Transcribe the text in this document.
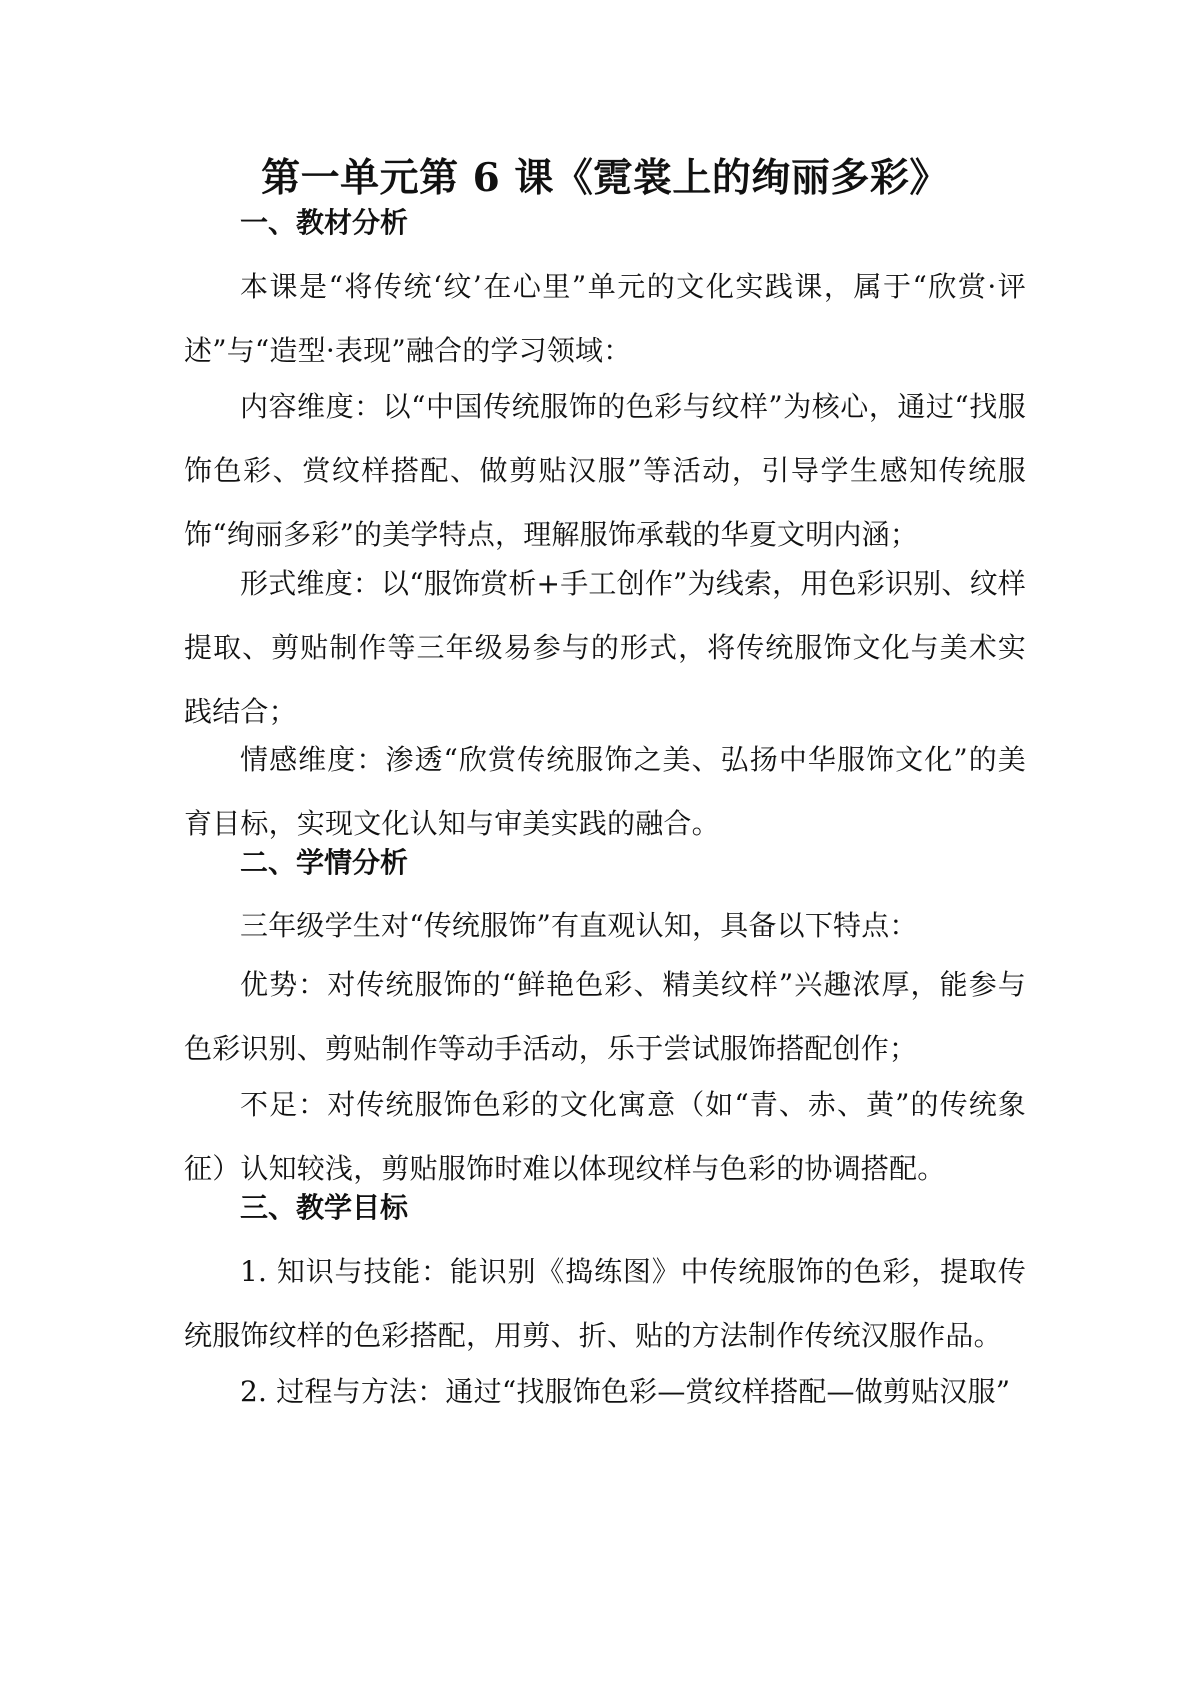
第一单元第 6 课《霓裳上的绚丽多彩》
一、教材分析

本课是“将传统‘纹’在心里”单元的文化实践课，属于“欣赏·评述”与“造型·表现”融合的学习领域：

内容维度：以“中国传统服饰的色彩与纹样”为核心，通过“找服饰色彩、赏纹样搭配、做剪贴汉服”等活动，引导学生感知传统服饰“绚丽多彩”的美学特点，理解服饰承载的华夏文明内涵；

形式维度：以“服饰赏析+手工创作”为线索，用色彩识别、纹样提取、剪贴制作等三年级易参与的形式，将传统服饰文化与美术实践结合；

情感维度：渗透“欣赏传统服饰之美、弘扬中华服饰文化”的美育目标，实现文化认知与审美实践的融合。

二、学情分析

三年级学生对“传统服饰”有直观认知，具备以下特点：

优势：对传统服饰的“鲜艳色彩、精美纹样”兴趣浓厚，能参与色彩识别、剪贴制作等动手活动，乐于尝试服饰搭配创作；

不足：对传统服饰色彩的文化寓意（如“青、赤、黄”的传统象征）认知较浅，剪贴服饰时难以体现纹样与色彩的协调搭配。

三、教学目标

1. 知识与技能：能识别《捣练图》中传统服饰的色彩，提取传统服饰纹样的色彩搭配，用剪、折、贴的方法制作传统汉服作品。

2. 过程与方法：通过“找服饰色彩—赏纹样搭配—做剪贴汉服”
